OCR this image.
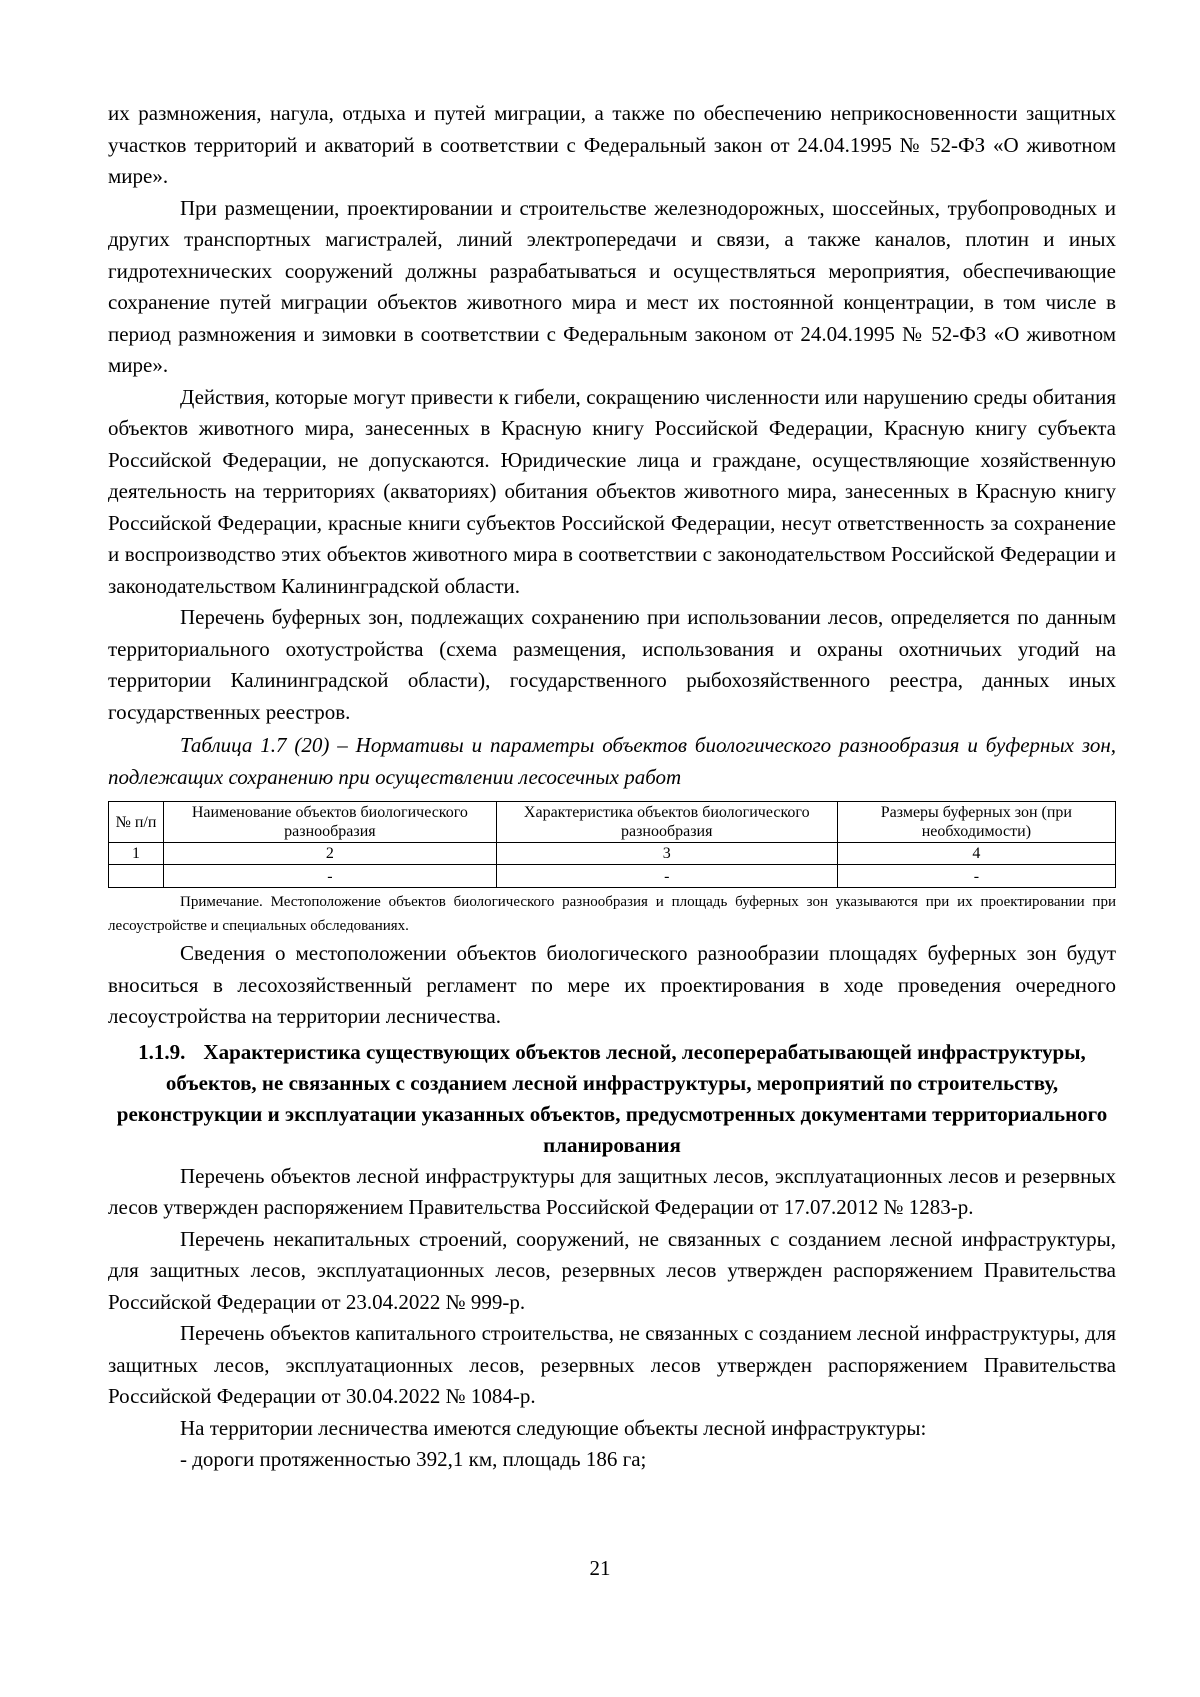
их размножения, нагула, отдыха и путей миграции, а также по обеспечению неприкосновенности защитных участков территорий и акваторий в соответствии с Федеральный закон от 24.04.1995 № 52-ФЗ «О животном мире».

При размещении, проектировании и строительстве железнодорожных, шоссейных, трубопроводных и других транспортных магистралей, линий электропередачи и связи, а также каналов, плотин и иных гидротехнических сооружений должны разрабатываться и осуществляться мероприятия, обеспечивающие сохранение путей миграции объектов животного мира и мест их постоянной концентрации, в том числе в период размножения и зимовки в соответствии с Федеральным законом от 24.04.1995 № 52-ФЗ «О животном мире».

Действия, которые могут привести к гибели, сокращению численности или нарушению среды обитания объектов животного мира, занесенных в Красную книгу Российской Федерации, Красную книгу субъекта Российской Федерации, не допускаются. Юридические лица и граждане, осуществляющие хозяйственную деятельность на территориях (акваториях) обитания объектов животного мира, занесенных в Красную книгу Российской Федерации, красные книги субъектов Российской Федерации, несут ответственность за сохранение и воспроизводство этих объектов животного мира в соответствии с законодательством Российской Федерации и законодательством Калининградской области.

Перечень буферных зон, подлежащих сохранению при использовании лесов, определяется по данным территориального охотустройства (схема размещения, использования и охраны охотничьих угодий на территории Калининградской области), государственного рыбохозяйственного реестра, данных иных государственных реестров.

Таблица 1.7 (20) – Нормативы и параметры объектов биологического разнообразия и буферных зон, подлежащих сохранению при осуществлении лесосечных работ

№ п/п	Наименование объектов биологического разнообразия	Характеристика объектов биологического разнообразия	Размеры буферных зон (при необходимости)
1	2	3	4
	-	-	-

Примечание. Местоположение объектов биологического разнообразия и площадь буферных зон указываются при их проектировании при лесоустройстве и специальных обследованиях.

Сведения о местоположении объектов биологического разнообразии площадях буферных зон будут вноситься в лесохозяйственный регламент по мере их проектирования в ходе проведения очередного лесоустройства на территории лесничества.

1.1.9. Характеристика существующих объектов лесной, лесоперерабатывающей инфраструктуры, объектов, не связанных с созданием лесной инфраструктуры, мероприятий по строительству, реконструкции и эксплуатации указанных объектов, предусмотренных документами территориального планирования

Перечень объектов лесной инфраструктуры для защитных лесов, эксплуатационных лесов и резервных лесов утвержден распоряжением Правительства Российской Федерации от 17.07.2012 № 1283-р.

Перечень некапитальных строений, сооружений, не связанных с созданием лесной инфраструктуры, для защитных лесов, эксплуатационных лесов, резервных лесов утвержден распоряжением Правительства Российской Федерации от 23.04.2022 № 999-р.

Перечень объектов капитального строительства, не связанных с созданием лесной инфраструктуры, для защитных лесов, эксплуатационных лесов, резервных лесов утвержден распоряжением Правительства Российской Федерации от 30.04.2022 № 1084-р.

На территории лесничества имеются следующие объекты лесной инфраструктуры:

- дороги протяженностью 392,1 км, площадь 186 га;

21
